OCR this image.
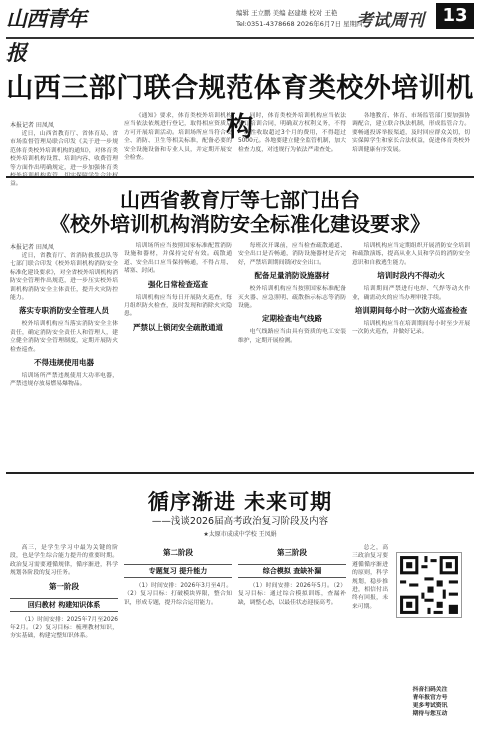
山西青年报
编辑 王立鹏 美编 赵建雄 校对 王艳
Tel:0351-4378668 2026年6月7日 星期四
考试周刊	13
山西三部门联合规范体育类校外培训机构
本报记者 田凤凤

近日，山西省教育厅、省体育局、省市场监督管理局联合印发《关于进一步规范体育类校外培训机构的通知》，对体育类校外培训机构设置、培训内容、收费管理等方面作出明确规定，进一步加强体育类 益。

《通知》要求，体育类校外培训机构应当依法依规进行登记，取得相应资质后方可开展培训活动。培训场所应当符合安全、消防、卫生等相关标准，配备必要的安全设施设备和专业人员，并定期开展安全检查。

同时，体育类校外培训机构应当依法签订培训合同，明确双方权利义务，不得一次性收取超过3个月的费用，不得超过5000元。各地要建立健全监管机制，加大检查力度，对违规行为依法严肃查处。

各地教育、体育、市场监管部门要加强协调配合，建立联合执法机制，形成监管合力。要畅通投诉举报渠道，及时回应群众关切，切实保障学生和家长合法权益，促进体育类校外培训健康有序发展。

山西省教育厅等七部门出台
《校外培训机构消防安全标准化建设要求》
本报记者 田凤凤

近日，省教育厅、省消防救援总队等七部门联合印发《校外培训机构消防安全标准化建设要求》，对全省校外培训机构消防安全管理作出规范，进一步压实校外培训机构消防安全主体责任，提升火灾防控能力。

落实专职消防安全管理人员

校外培训机构应当落实消防安全主体责任，确定消防安全责任人和管理人，建立健全消防安全管理制度，定期开展防火检查巡查。

不得违规使用电器

培训场所严禁违规使用大功率电器，严禁违规存放易燃易爆物品。

培训场所应当按照国家标准配置消防设施和器材，并保持完好有效。疏散通道、安全出口应当保持畅通，不得占用、堵塞、封闭。

强化日常检查巡查

培训机构应当每日开展防火巡查，每月组织防火检查，及时发现和消除火灾隐患。

严禁以上锁闭安全疏散通道

每班次开课前，应当检查疏散通道、安全出口是否畅通，消防设施器材是否完好，严禁培训期间锁闭安全出口。

配备足量消防设施器材

校外培训机构应当按照国家标准配备灭火器、应急照明、疏散指示标志等消防设施。

定期检查电气线路

电气线路应当由具有资质的电工安装维护，定期开展检测。

培训机构应当定期组织开展消防安全培训和疏散演练，提高从业人员和学员的消防安全意识和自救逃生能力。

培训时段内不得动火

培训期间严禁进行电焊、气焊等动火作业，确需动火的应当办理审批手续。

培训期间每小时一次防火巡查检查

培训机构应当在培训期间每小时至少开展一次防火巡查，并做好记录。

循序渐进 未来可期
——浅谈2026届高考政治复习阶段及内容
★太原市成成中学校 王凤娟

高三，是学生学习中最为关键的阶段，也是学生综合能力提升的重要时期。政治复习需要遵循规律，循序渐进，科学规划各阶段的复习任务。

第一阶段
回归教材 构建知识体系

（1）时间安排：2025年7月至2026年2月。（2）复习目标：梳理教材知识，夯实基础，构建完整知识体系。

第二阶段
专题复习 提升能力

（1）时间安排：2026年3月至4月。（2）复习目标：打破模块界限，整合知识，形成专题，提升综合运用能力。

第三阶段
综合模拟 查缺补漏

（1）时间安排：2026年5月。（2）复习目标：通过综合模拟训练，查漏补缺，调整心态，以最佳状态迎接高考。

总之，高三政治复习要遵循循序渐进的原则，科学规划，稳步推进，相信付出终有回报，未来可期。

抖音扫码关注
青年报官方号
更多考试资讯
期待与您互动
